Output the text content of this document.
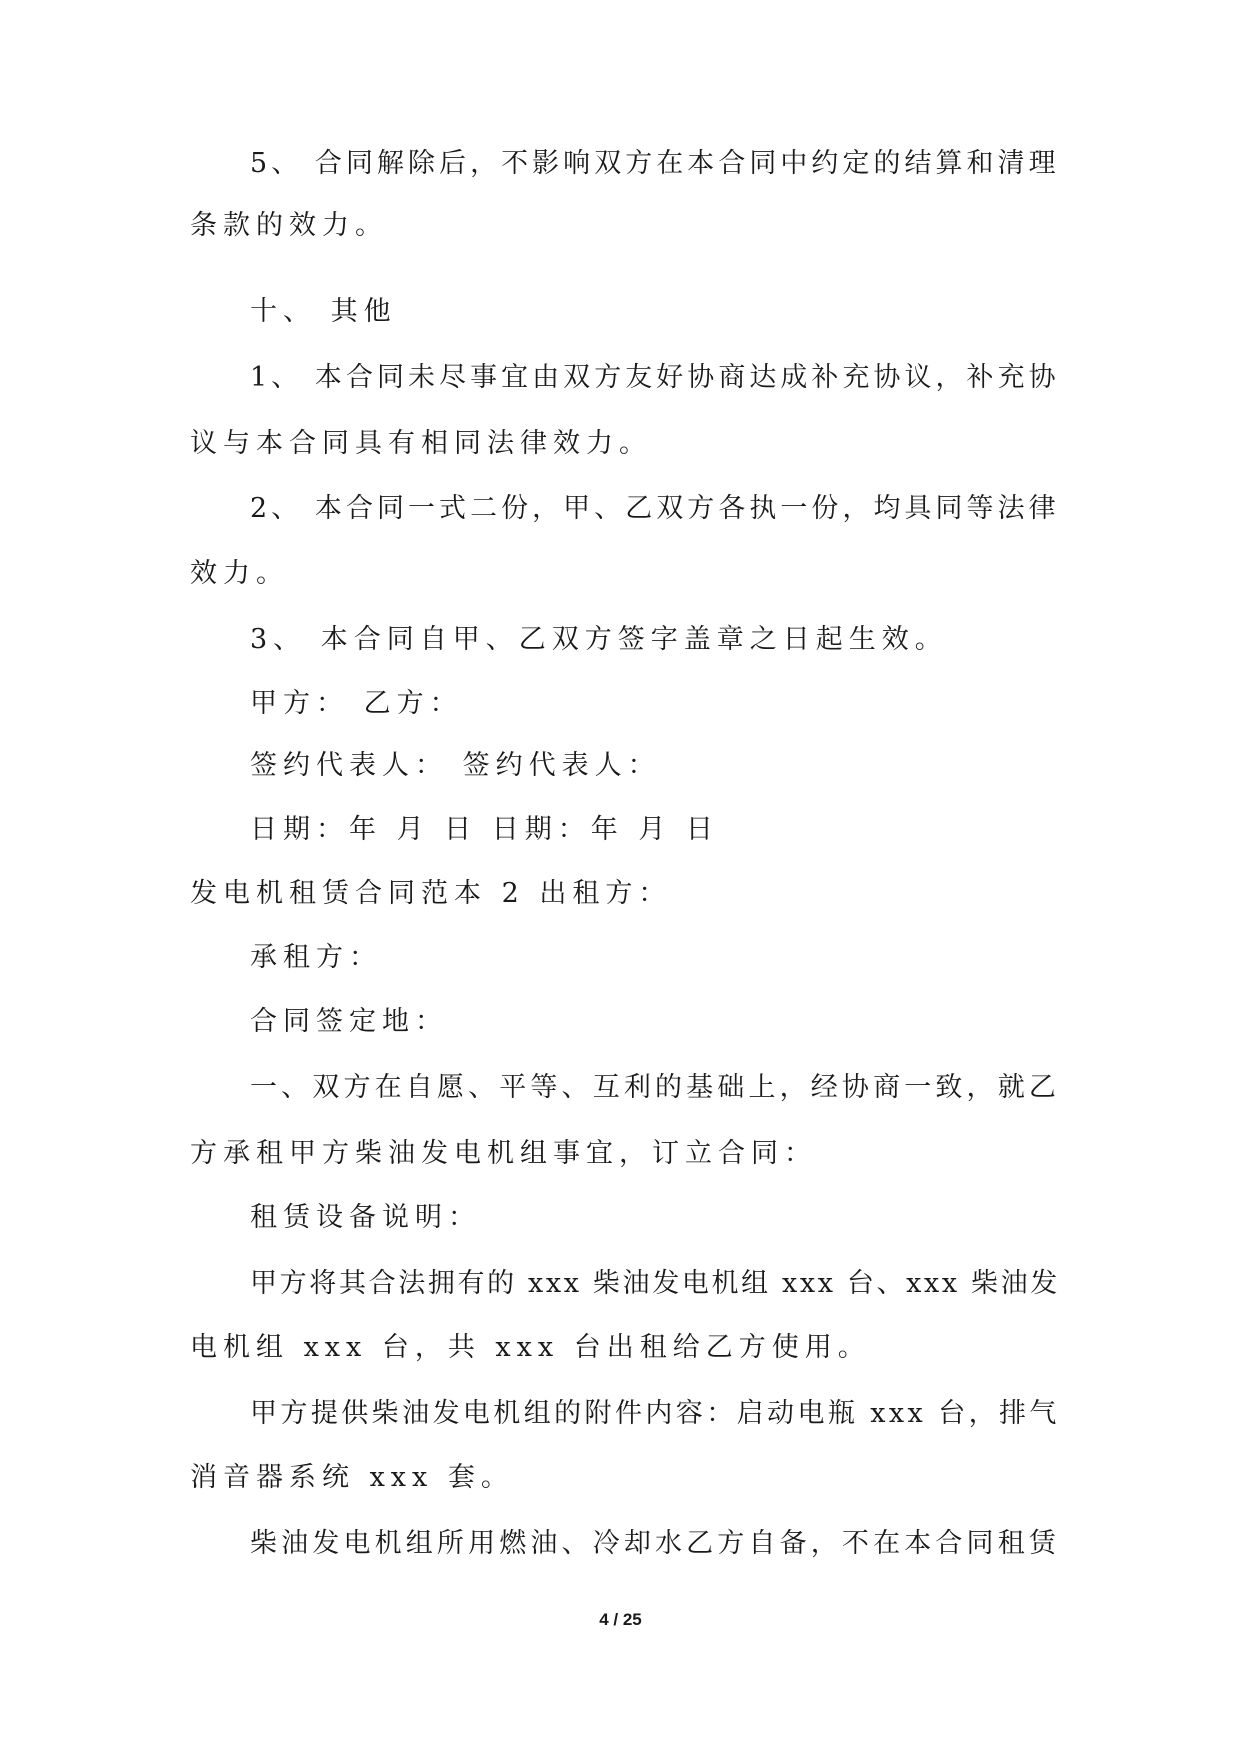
5、 合同解除后，不影响双方在本合同中约定的结算和清理
条款的效力。
十、 其他
1、 本合同未尽事宜由双方友好协商达成补充协议，补充协
议与本合同具有相同法律效力。
2、 本合同一式二份，甲、乙双方各执一份，均具同等法律
效力。
3、 本合同自甲、乙双方签字盖章之日起生效。
甲方： 乙方：
签约代表人： 签约代表人：
日期：年 月 日 日期：年 月 日
发电机租赁合同范本 2 出租方：
承租方：
合同签定地：
一、双方在自愿、平等、互利的基础上，经协商一致，就乙
方承租甲方柴油发电机组事宜，订立合同：
租赁设备说明：
甲方将其合法拥有的 xxx 柴油发电机组 xxx 台、xxx 柴油发
电机组 xxx 台，共 xxx 台出租给乙方使用。
甲方提供柴油发电机组的附件内容：启动电瓶 xxx 台，排气
消音器系统 xxx 套。
柴油发电机组所用燃油、冷却水乙方自备，不在本合同租赁
4 / 25
